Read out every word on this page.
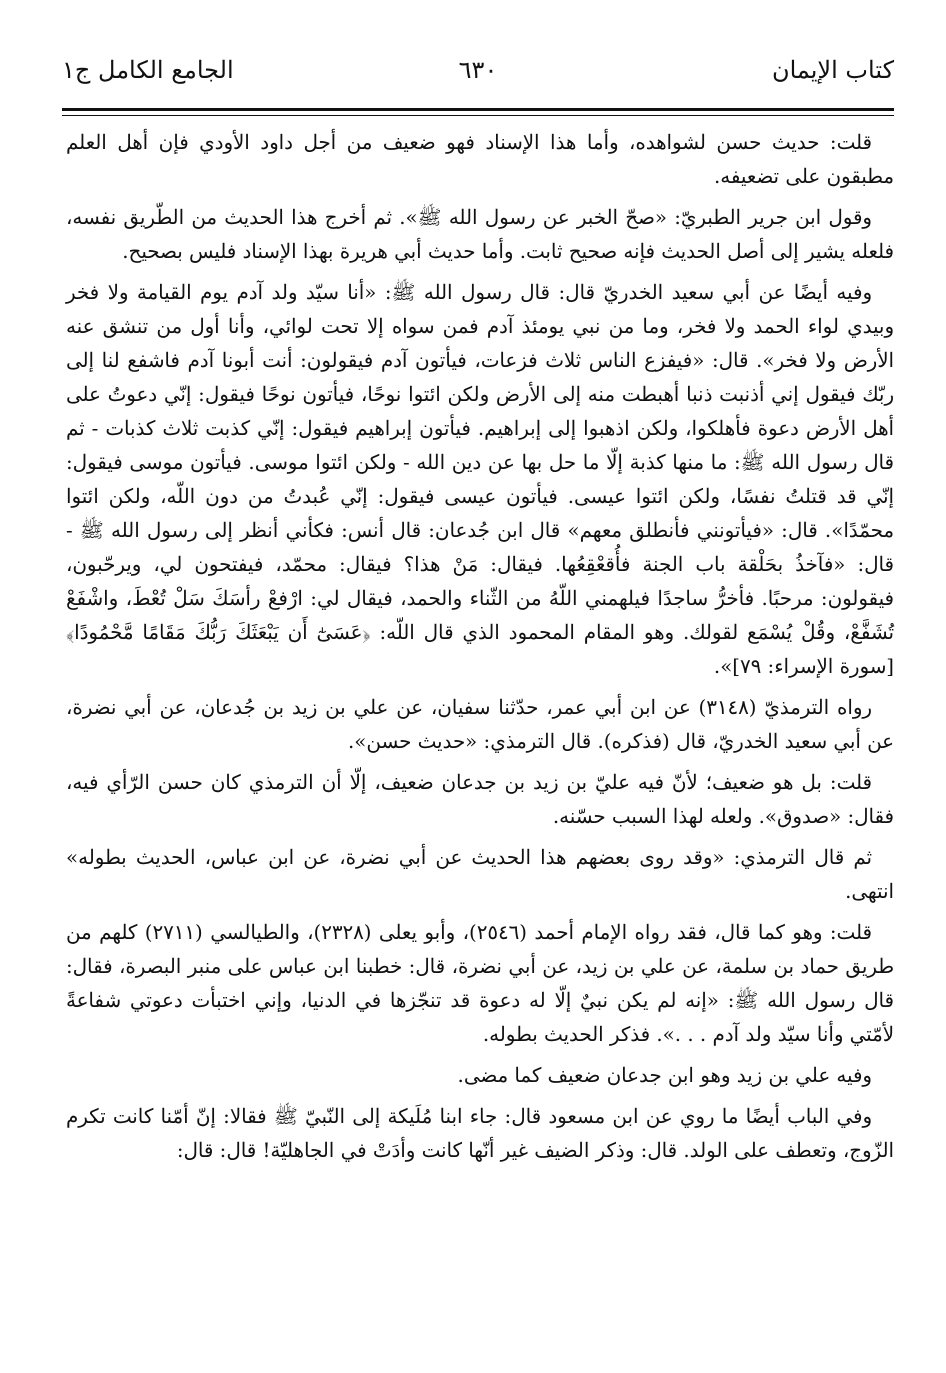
كتاب الإيمان
٦٣٠
الجامع الكامل ج١

قلت: حديث حسن لشواهده، وأما هذا الإسناد فهو ضعيف من أجل داود الأودي فإن أهل العلم مطبقون على تضعيفه.

وقول ابن جرير الطبريّ: «صحّ الخبر عن رسول الله ﷺ». ثم أخرج هذا الحديث من الطّريق نفسه، فلعله يشير إلى أصل الحديث فإنه صحيح ثابت. وأما حديث أبي هريرة بهذا الإسناد فليس بصحيح.

وفيه أيضًا عن أبي سعيد الخدريّ قال: قال رسول الله ﷺ: «أنا سيّد ولد آدم يوم القيامة ولا فخر وبيدي لواء الحمد ولا فخر، وما من نبي يومئذ آدم فمن سواه إلا تحت لوائي، وأنا أول من تنشق عنه الأرض ولا فخر». قال: «فيفزع الناس ثلاث فزعات، فيأتون آدم فيقولون: أنت أبونا آدم فاشفع لنا إلى ربّك فيقول إني أذنبت ذنبا أهبطت منه إلى الأرض ولكن ائتوا نوحًا، فيأتون نوحًا فيقول: إنّي دعوتُ على أهل الأرض دعوة فأهلكوا، ولكن اذهبوا إلى إبراهيم. فيأتون إبراهيم فيقول: إنّي كذبت ثلاث كذبات - ثم قال رسول الله ﷺ: ما منها كذبة إلّا ما حل بها عن دين الله - ولكن ائتوا موسى. فيأتون موسى فيقول: إنّي قد قتلتُ نفسًا، ولكن ائتوا عيسى. فيأتون عيسى فيقول: إنّي عُبدتُ من دون اللّه، ولكن ائتوا محمّدًا». قال: «فيأتونني فأنطلق معهم» قال ابن جُدعان: قال أنس: فكأني أنظر إلى رسول الله ﷺ - قال: «فآخذُ بحَلْقة باب الجنة فأُقعْقِعُها. فيقال: مَنْ هذا؟ فيقال: محمّد، فيفتحون لي، ويرحّبون، فيقولون: مرحبًا. فأخرُّ ساجدًا فيلهمني اللّهُ من الثّناء والحمد، فيقال لي: ارْفعْ رأسَكَ سَلْ تُعْطَ، واشْفَعْ تُشَفَّعْ، وقُلْ يُسْمَع لقولك. وهو المقام المحمود الذي قال اللّه: ﴿عَسَىٰٓ أَن يَبْعَثَكَ رَبُّكَ مَقَامًا مَّحْمُودًا﴾ [سورة الإسراء: ٧٩]».

رواه الترمذيّ (٣١٤٨) عن ابن أبي عمر، حدّثنا سفيان، عن علي بن زيد بن جُدعان، عن أبي نضرة، عن أبي سعيد الخدريّ، قال (فذكره). قال الترمذي: «حديث حسن».

قلت: بل هو ضعيف؛ لأنّ فيه عليّ بن زيد بن جدعان ضعيف، إلّا أن الترمذي كان حسن الرّأي فيه، فقال: «صدوق». ولعله لهذا السبب حسّنه.

ثم قال الترمذي: «وقد روى بعضهم هذا الحديث عن أبي نضرة، عن ابن عباس، الحديث بطوله» انتهى.

قلت: وهو كما قال، فقد رواه الإمام أحمد (٢٥٤٦)، وأبو يعلى (٢٣٢٨)، والطيالسي (٢٧١١) كلهم من طريق حماد بن سلمة، عن علي بن زيد، عن أبي نضرة، قال: خطبنا ابن عباس على منبر البصرة، فقال: قال رسول الله ﷺ: «إنه لم يكن نبيٌ إلّا له دعوة قد تنجّزها في الدنيا، وإني اختبأت دعوتي شفاعةً لأمّتي وأنا سيّد ولد آدم . . .». فذكر الحديث بطوله.

وفيه علي بن زيد وهو ابن جدعان ضعيف كما مضى.

وفي الباب أيضًا ما روي عن ابن مسعود قال: جاء ابنا مُلَيكة إلى النّبيّ ﷺ فقالا: إنّ أمّنا كانت تكرم الزّوج، وتعطف على الولد. قال: وذكر الضيف غير أنّها كانت وأدَتْ في الجاهليّة! قال: قال:
